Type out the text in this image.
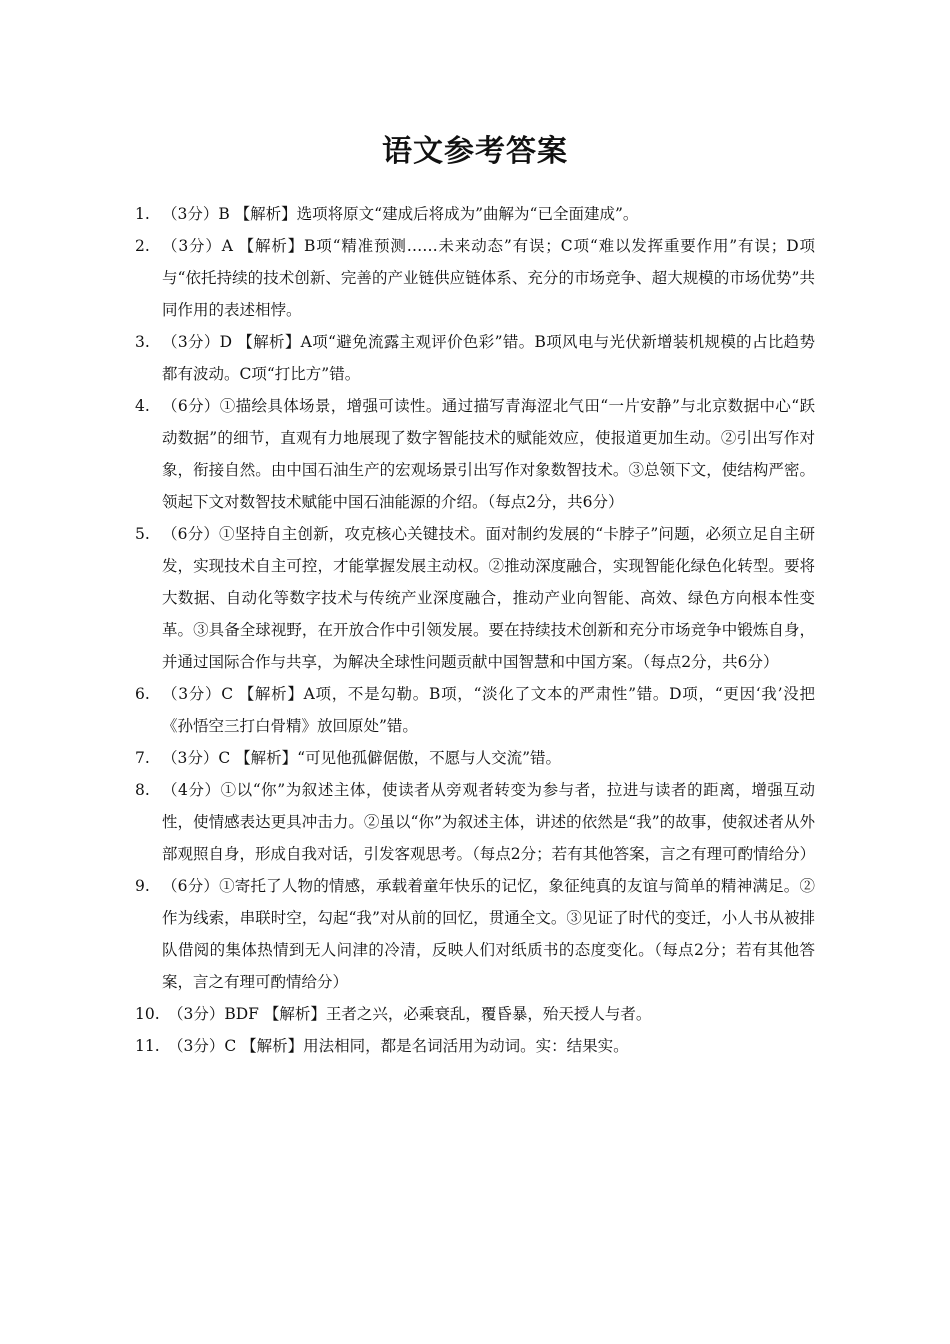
语文参考答案
1. （3分）B 【解析】选项将原文“建成后将成为”曲解为“已全面建成”。
2. （3分）A 【解析】B项“精准预测……未来动态”有误；C项“难以发挥重要作用”有误；D项与“依托持续的技术创新、完善的产业链供应链体系、充分的市场竞争、超大规模的市场优势”共同作用的表述相悖。
3. （3分）D 【解析】A项“避免流露主观评价色彩”错。B项风电与光伏新增装机规模的占比趋势都有波动。C项“打比方”错。
4. （6分）①描绘具体场景，增强可读性。通过描写青海涩北气田“一片安静”与北京数据中心“跃动数据”的细节，直观有力地展现了数字智能技术的赋能效应，使报道更加生动。②引出写作对象，衔接自然。由中国石油生产的宏观场景引出写作对象数智技术。③总领下文，使结构严密。领起下文对数智技术赋能中国石油能源的介绍。（每点2分，共6分）
5. （6分）①坚持自主创新，攻克核心关键技术。面对制约发展的“卡脖子”问题，必须立足自主研发，实现技术自主可控，才能掌握发展主动权。②推动深度融合，实现智能化绿色化转型。要将大数据、自动化等数字技术与传统产业深度融合，推动产业向智能、高效、绿色方向根本性变革。③具备全球视野，在开放合作中引领发展。要在持续技术创新和充分市场竞争中锻炼自身，并通过国际合作与共享，为解决全球性问题贡献中国智慧和中国方案。（每点2分，共6分）
6. （3分）C 【解析】A项，不是勾勒。B项，“淡化了文本的严肃性”错。D项，“更因‘我’没把《孙悟空三打白骨精》放回原处”错。
7. （3分）C 【解析】“可见他孤僻倨傲，不愿与人交流”错。
8. （4分）①以“你”为叙述主体，使读者从旁观者转变为参与者，拉进与读者的距离，增强互动性，使情感表达更具冲击力。②虽以“你”为叙述主体，讲述的依然是“我”的故事，使叙述者从外部观照自身，形成自我对话，引发客观思考。（每点2分；若有其他答案，言之有理可酌情给分）
9. （6分）①寄托了人物的情感，承载着童年快乐的记忆，象征纯真的友谊与简单的精神满足。②作为线索，串联时空，勾起“我”对从前的回忆，贯通全文。③见证了时代的变迁，小人书从被排队借阅的集体热情到无人问津的冷清，反映人们对纸质书的态度变化。（每点2分；若有其他答案，言之有理可酌情给分）
10. （3分）BDF 【解析】王者之兴，必乘衰乱，覆昏暴，殆天授人与者。
11. （3分）C 【解析】用法相同，都是名词活用为动词。实：结果实。
